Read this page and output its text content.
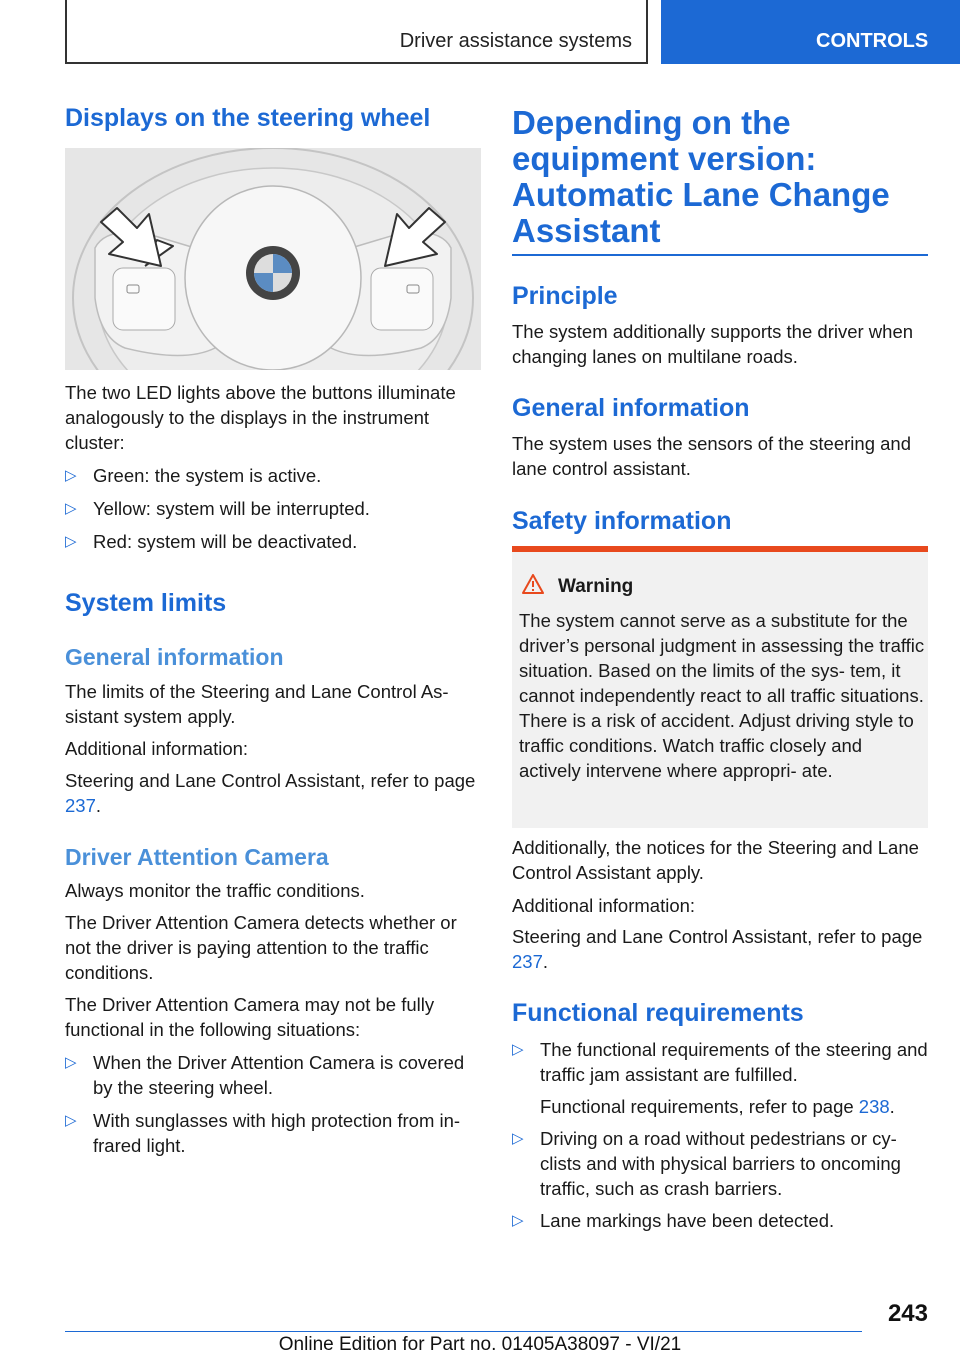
Driver assistance systems	CONTROLS
Displays on the steering wheel

The two LED lights above the buttons illuminate analogously to the displays in the instrument cluster:

▷ Green: the system is active.
▷ Yellow: system will be interrupted.
▷ Red: system will be deactivated.
System limits
General information

The limits of the Steering and Lane Control As‐ sistant system apply.

Additional information:

Steering and Lane Control Assistant, refer to page 237.

Driver Attention Camera

Always monitor the traffic conditions.

The Driver Attention Camera detects whether or not the driver is paying attention to the traffic conditions.

The Driver Attention Camera may not be fully functional in the following situations:

▷ When the Driver Attention Camera is covered by the steering wheel.
▷ With sunglasses with high protection from in‐ frared light.
Depending on the equipment version: Automatic Lane Change Assistant
Principle

The system additionally supports the driver when changing lanes on multilane roads.

General information

The system uses the sensors of the steering and lane control assistant.

Safety information
Warning

The system cannot serve as a substitute for the driver’s personal judgment in assessing the traffic situation. Based on the limits of the sys‐ tem, it cannot independently react to all traffic situations. There is a risk of accident. Adjust driving style to traffic conditions. Watch traffic closely and actively intervene where appropri‐ ate.

Additionally, the notices for the Steering and Lane Control Assistant apply.

Additional information:

Steering and Lane Control Assistant, refer to page 237.

Functional requirements
▷ The functional requirements of the steering and traffic jam assistant are fulfilled.
Functional requirements, refer to page 238.
▷ Driving on a road without pedestrians or cy‐ clists and with physical barriers to oncoming traffic, such as crash barriers.
▷ Lane markings have been detected.
243
Online Edition for Part no. 01405A38097 - VI/21
